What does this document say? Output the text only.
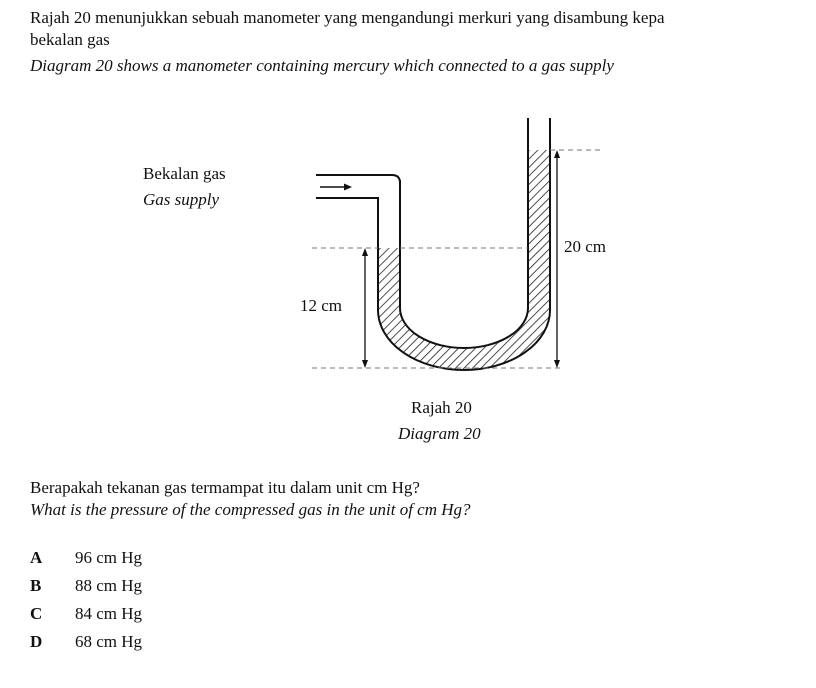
Rajah 20 menunjukkan sebuah manometer yang mengandungi merkuri yang disambung kepa
bekalan gas
Diagram 20 shows a manometer containing mercury which connected to a gas supply
Bekalan gas
Gas supply
12 cm
20 cm
Rajah 20
Diagram 20
Berapakah tekanan gas termampat itu dalam unit cm Hg?
What is the pressure of the compressed gas in the unit of cm Hg?
A 96 cm Hg
B 88 cm Hg
C 84 cm Hg
D 68 cm Hg
